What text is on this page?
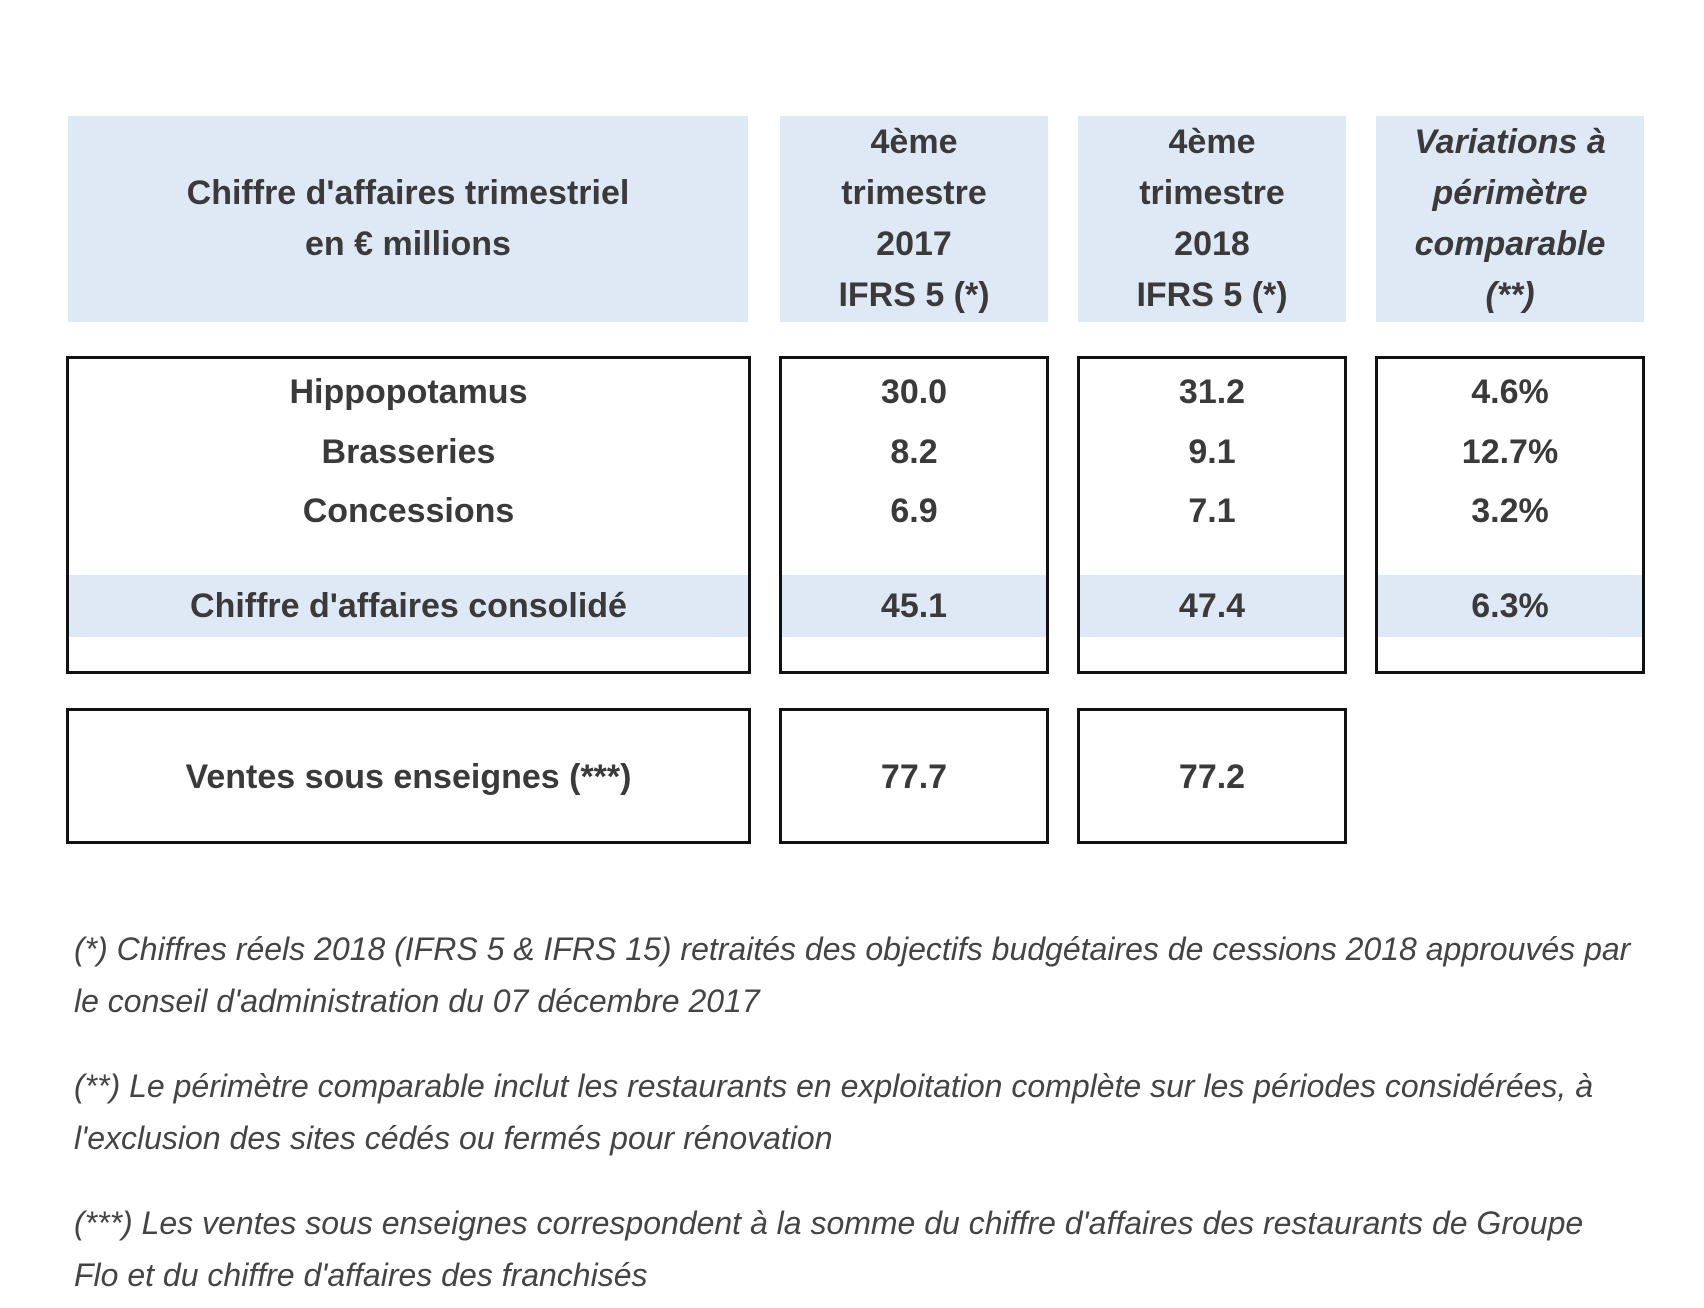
Chiffre d'affaires trimestriel
en € millions
4ème
trimestre
2017
IFRS 5 (*)
4ème
trimestre
2018
IFRS 5 (*)
Variations à
périmètre
comparable
(**)
Hippopotamus
Brasseries
Concessions
Chiffre d'affaires consolidé
30.0
8.2
6.9
45.1
31.2
9.1
7.1
47.4
4.6%
12.7%
3.2%
6.3%
Ventes sous enseignes (***)	77.7	77.2
(*) Chiffres réels 2018 (IFRS 5 & IFRS 15) retraités des objectifs budgétaires de cessions 2018 approuvés par le conseil d'administration du 07 décembre 2017
(**) Le périmètre comparable inclut les restaurants en exploitation complète sur les périodes considérées, à l'exclusion des sites cédés ou fermés pour rénovation
(***) Les ventes sous enseignes correspondent à la somme du chiffre d'affaires des restaurants de Groupe Flo et du chiffre d'affaires des franchisés
